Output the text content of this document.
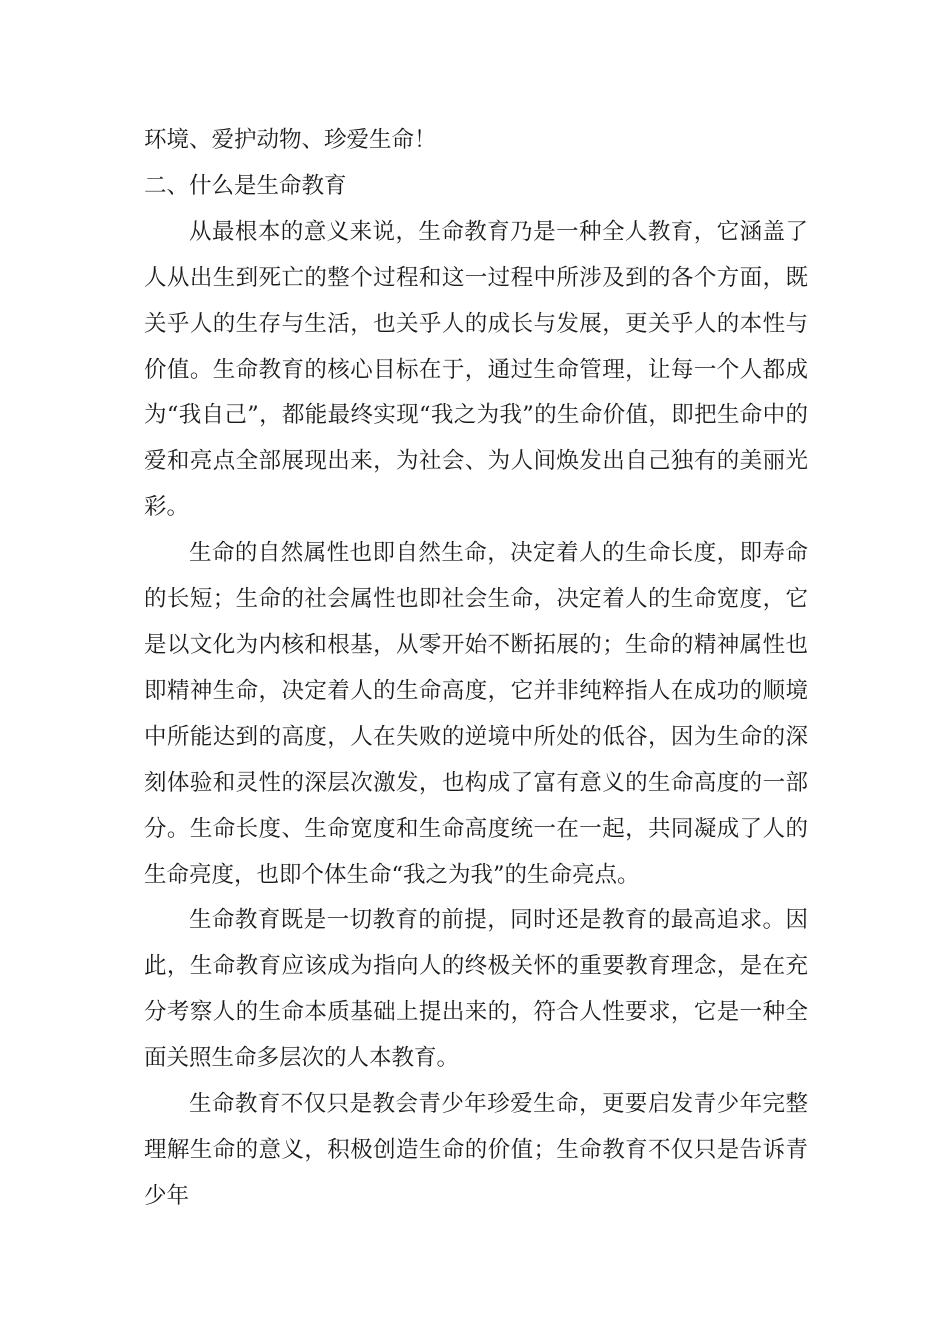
环境、爱护动物、珍爱生命！

二、什么是生命教育

从最根本的意义来说，生命教育乃是一种全人教育，它涵盖了人从出生到死亡的整个过程和这一过程中所涉及到的各个方面，既关乎人的生存与生活，也关乎人的成长与发展，更关乎人的本性与价值。生命教育的核心目标在于，通过生命管理，让每一个人都成为“我自己”，都能最终实现“我之为我”的生命价值，即把生命中的爱和亮点全部展现出来，为社会、为人间焕发出自己独有的美丽光彩。

生命的自然属性也即自然生命，决定着人的生命长度，即寿命的长短；生命的社会属性也即社会生命，决定着人的生命宽度，它是以文化为内核和根基，从零开始不断拓展的；生命的精神属性也即精神生命，决定着人的生命高度，它并非纯粹指人在成功的顺境中所能达到的高度，人在失败的逆境中所处的低谷，因为生命的深刻体验和灵性的深层次激发，也构成了富有意义的生命高度的一部分。生命长度、生命宽度和生命高度统一在一起，共同凝成了人的生命亮度，也即个体生命“我之为我”的生命亮点。

生命教育既是一切教育的前提，同时还是教育的最高追求。因此，生命教育应该成为指向人的终极关怀的重要教育理念，是在充分考察人的生命本质基础上提出来的，符合人性要求，它是一种全面关照生命多层次的人本教育。

生命教育不仅只是教会青少年珍爱生命，更要启发青少年完整理解生命的意义，积极创造生命的价值；生命教育不仅只是告诉青少年
